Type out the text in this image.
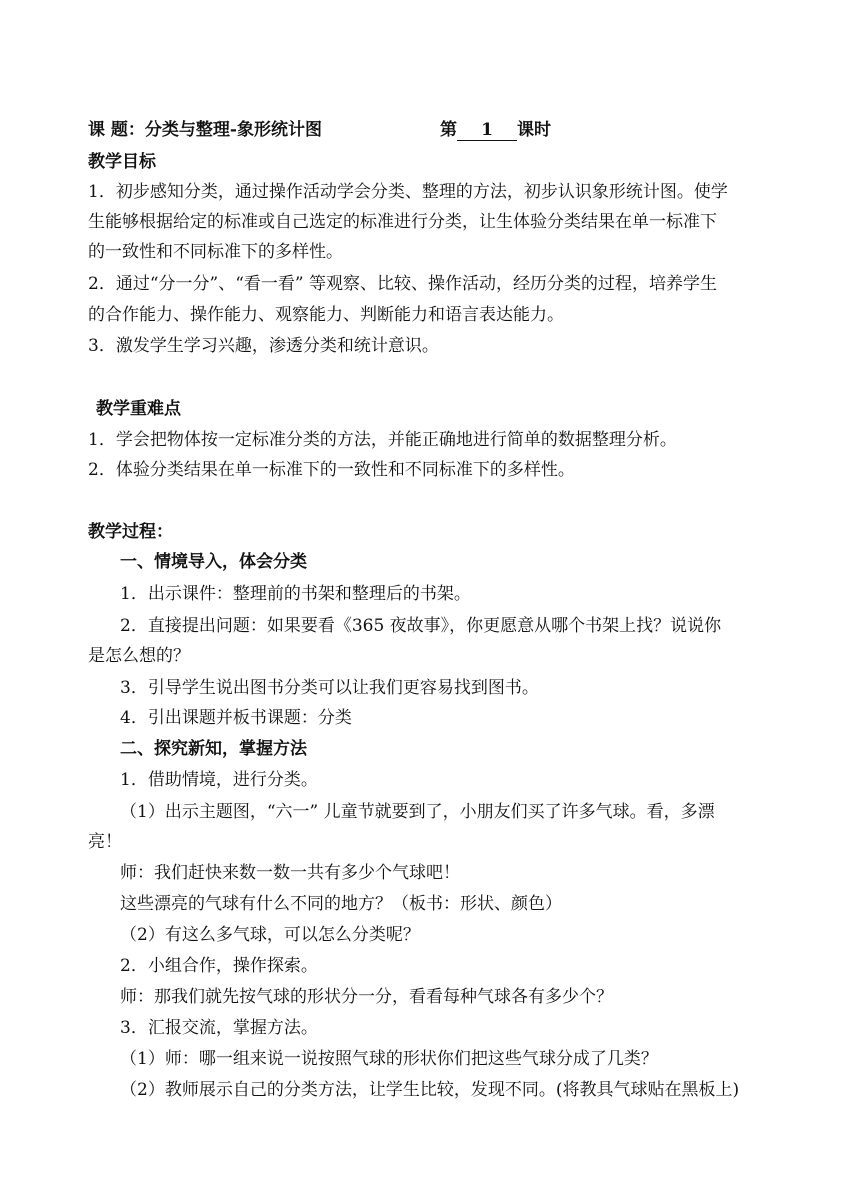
课 题：分类与整理-象形统计图	第 1 课时
教学目标
1．初步感知分类，通过操作活动学会分类、整理的方法，初步认识象形统计图。使学
生能够根据给定的标准或自己选定的标准进行分类，让生体验分类结果在单一标准下
的一致性和不同标准下的多样性。
2．通过“分一分”、“看一看” 等观察、比较、操作活动，经历分类的过程，培养学生
的合作能力、操作能力、观察能力、判断能力和语言表达能力。
3．激发学生学习兴趣，渗透分类和统计意识。
教学重难点
1．学会把物体按一定标准分类的方法，并能正确地进行简单的数据整理分析。
2．体验分类结果在单一标准下的一致性和不同标准下的多样性。
教学过程：
一、情境导入，体会分类
1．出示课件：整理前的书架和整理后的书架。
2．直接提出问题：如果要看《365 夜故事》，你更愿意从哪个书架上找？说说你
是怎么想的？
3．引导学生说出图书分类可以让我们更容易找到图书。
4．引出课题并板书课题：分类
二、探究新知，掌握方法
1．借助情境，进行分类。
（1）出示主题图，“六一” 儿童节就要到了，小朋友们买了许多气球。看，多漂
亮！
师：我们赶快来数一数一共有多少个气球吧！
这些漂亮的气球有什么不同的地方？（板书：形状、颜色）
（2）有这么多气球，可以怎么分类呢？
2．小组合作，操作探索。
师：那我们就先按气球的形状分一分，看看每种气球各有多少个？
3．汇报交流，掌握方法。
（1）师：哪一组来说一说按照气球的形状你们把这些气球分成了几类？
（2）教师展示自己的分类方法，让学生比较，发现不同。(将教具气球贴在黑板上)
